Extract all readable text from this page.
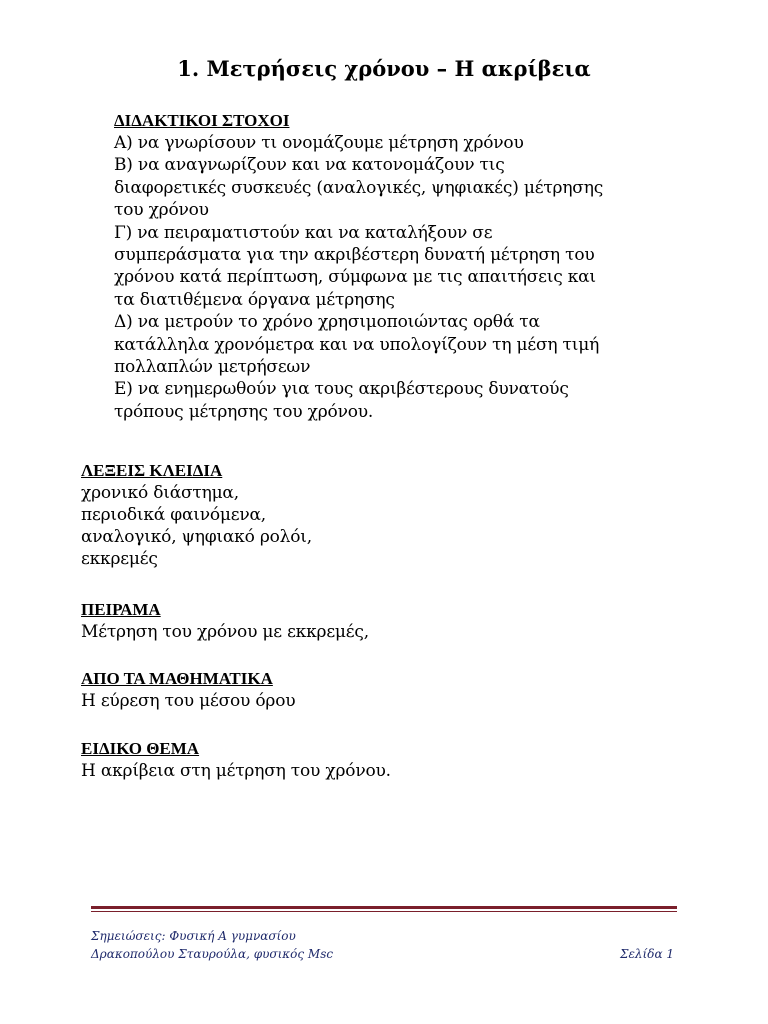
1. Μετρήσεις χρόνου – Η ακρίβεια
ΔΙΔΑΚΤΙΚΟΙ ΣΤΟΧΟΙ
Α) να γνωρίσουν τι ονομάζουμε μέτρηση χρόνου
Β) να αναγνωρίζουν και να κατονομάζουν τις
διαφορετικές συσκευές (αναλογικές, ψηφιακές) μέτρησης
του χρόνου
Γ) να πειραματιστούν και να καταλήξουν σε
συμπεράσματα για την ακριβέστερη δυνατή μέτρηση του
χρόνου κατά περίπτωση, σύμφωνα με τις απαιτήσεις και
τα διατιθέμενα όργανα μέτρησης
Δ) να μετρούν το χρόνο χρησιμοποιώντας ορθά τα
κατάλληλα χρονόμετρα και να υπολογίζουν τη μέση τιμή
πολλαπλών μετρήσεων
Ε) να ενημερωθούν για τους ακριβέστερους δυνατούς
τρόπους μέτρησης του χρόνου.
ΛΕΞΕΙΣ ΚΛΕΙΔΙΑ
χρονικό διάστημα,
περιοδικά φαινόμενα,
αναλογικό, ψηφιακό ρολόι,
εκκρεμές
ΠΕΙΡΑΜΑ
Μέτρηση του χρόνου με εκκρεμές,
ΑΠΟ ΤΑ ΜΑΘΗΜΑΤΙΚΑ
Η εύρεση του μέσου όρου
ΕΙΔΙΚΟ ΘΕΜΑ
Η ακρίβεια στη μέτρηση του χρόνου.
Σημειώσεις: Φυσική Α γυμνασίου
Δρακοπούλου Σταυρούλα, φυσικός Msc	Σελίδα 1
